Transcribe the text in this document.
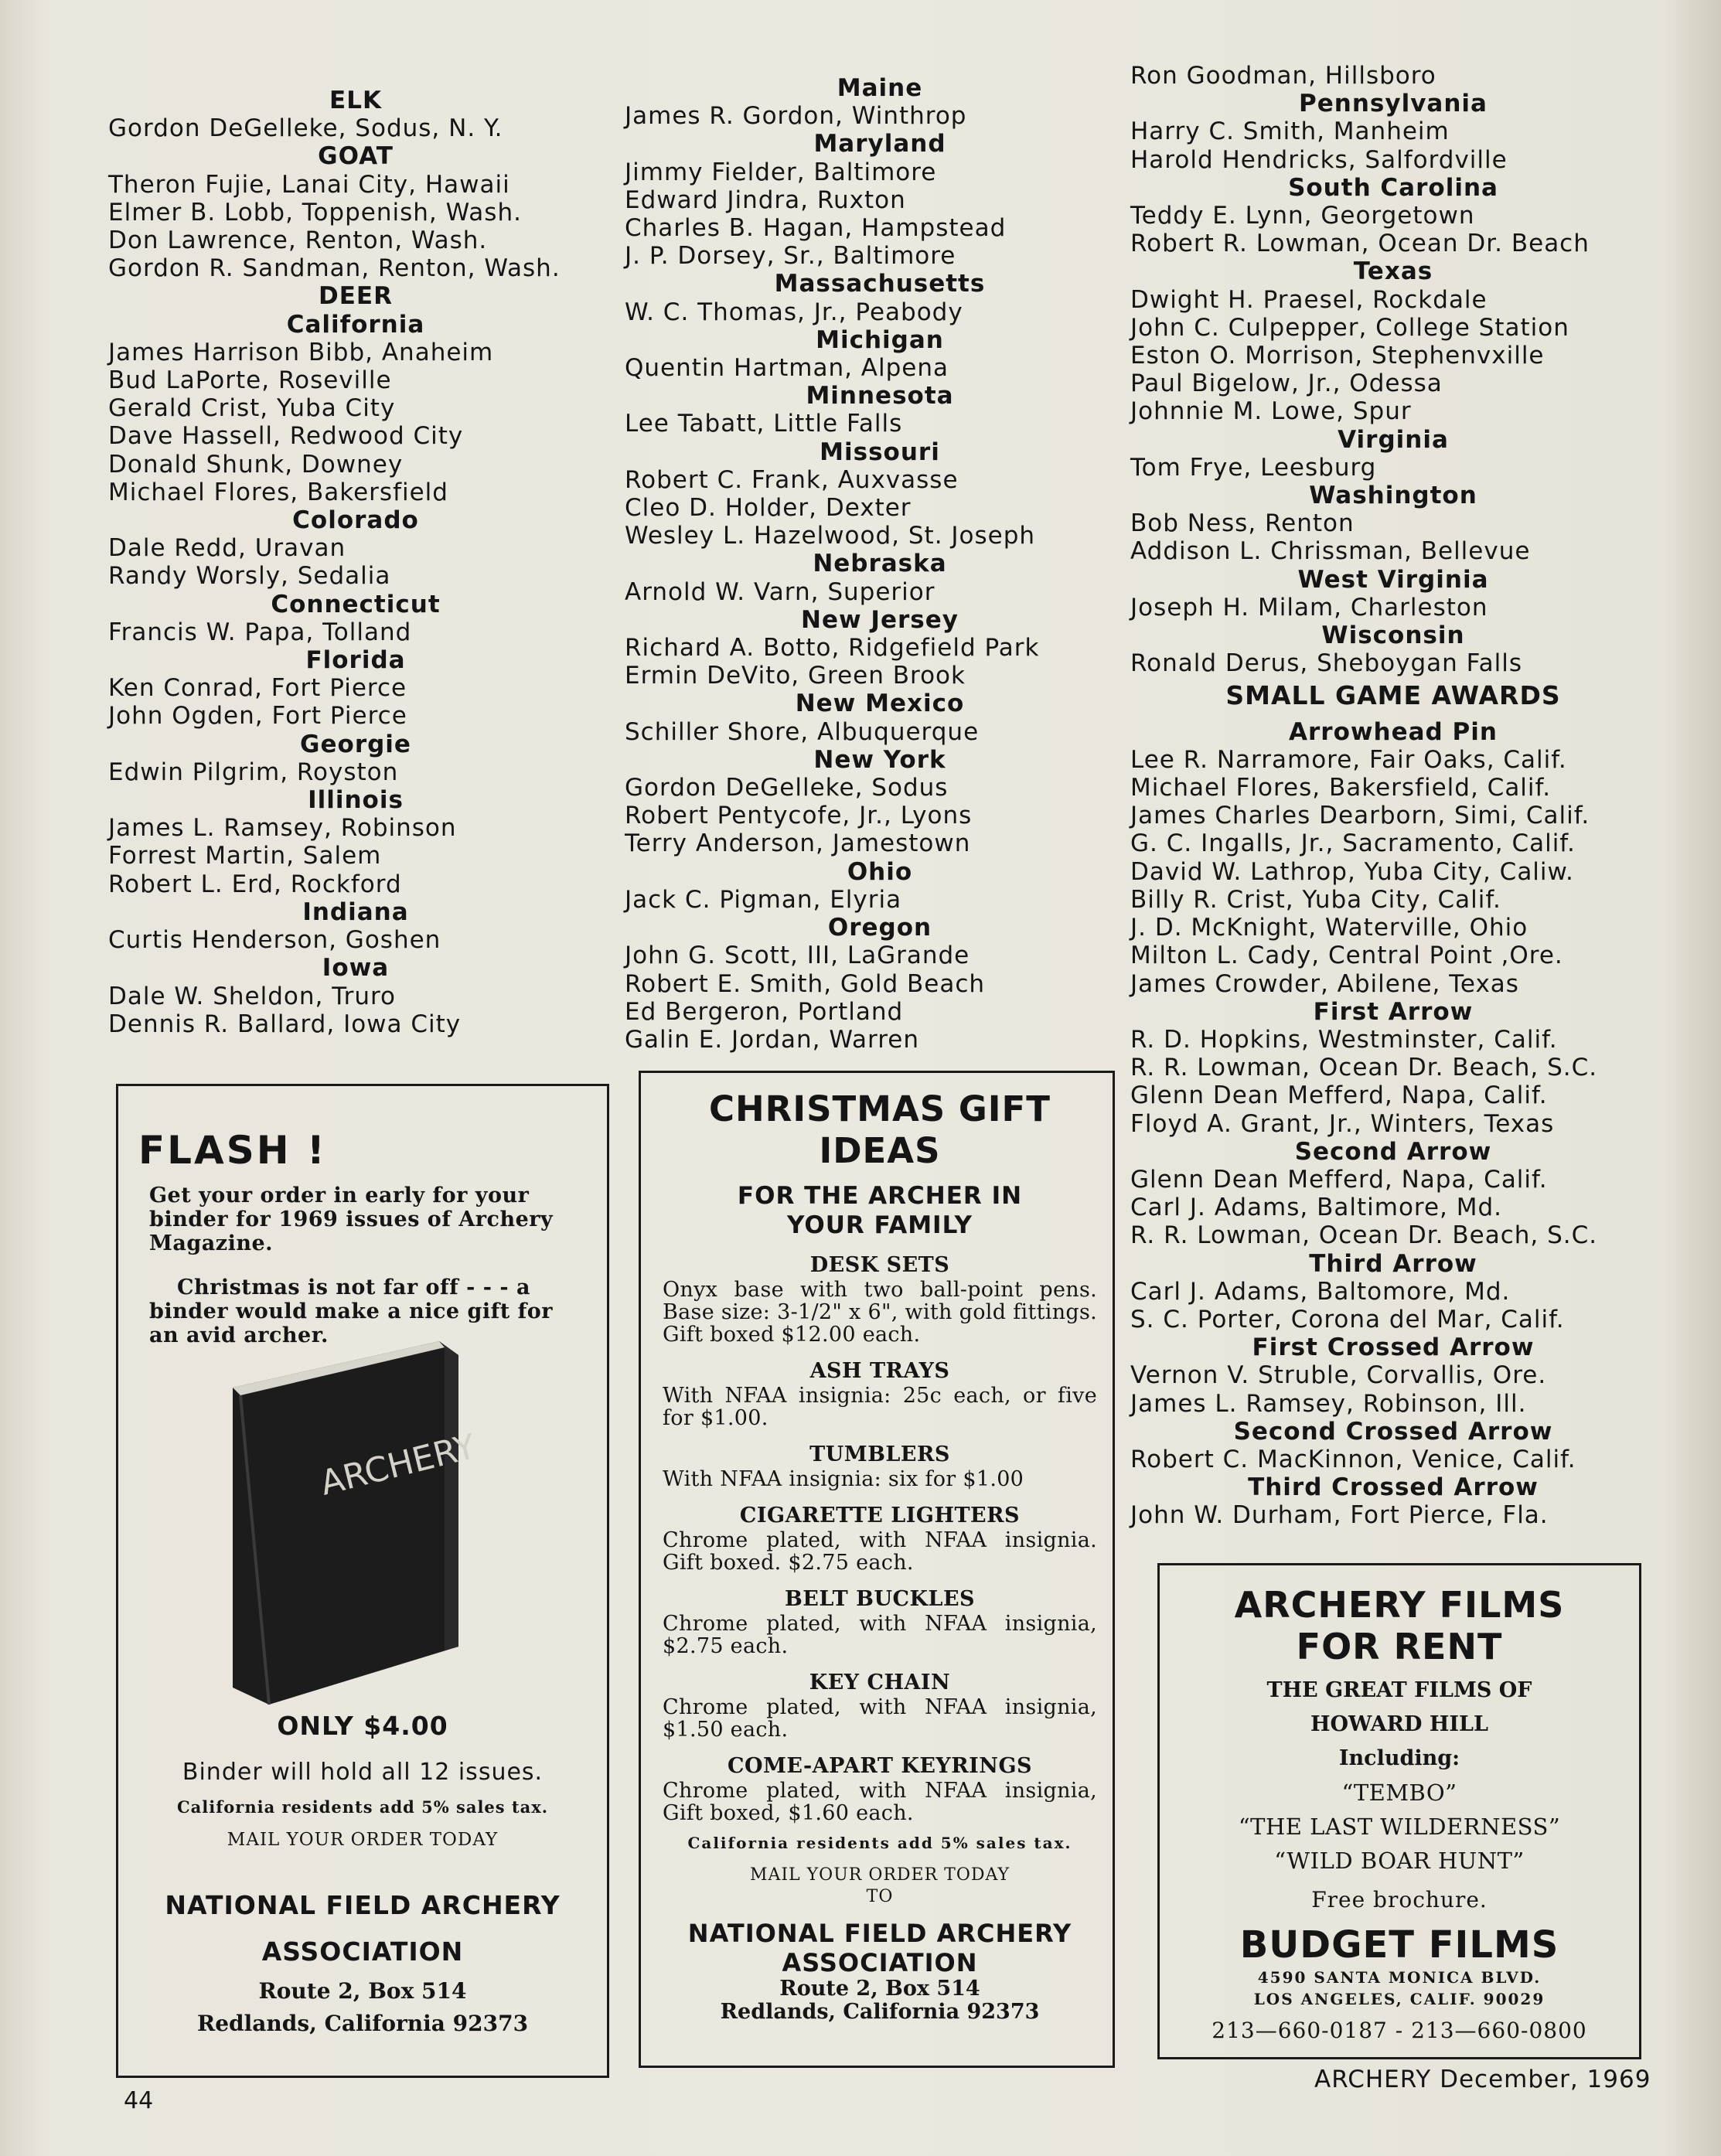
ELK
Gordon DeGelleke, Sodus, N. Y.
GOAT
Theron Fujie, Lanai City, Hawaii
Elmer B. Lobb, Toppenish, Wash.
Don Lawrence, Renton, Wash.
Gordon R. Sandman, Renton, Wash.
DEER
California
James Harrison Bibb, Anaheim
Bud LaPorte, Roseville
Gerald Crist, Yuba City
Dave Hassell, Redwood City
Donald Shunk, Downey
Michael Flores, Bakersfield
Colorado
Dale Redd, Uravan
Randy Worsly, Sedalia
Connecticut
Francis W. Papa, Tolland
Florida
Ken Conrad, Fort Pierce
John Ogden, Fort Pierce
Georgie
Edwin Pilgrim, Royston
Illinois
James L. Ramsey, Robinson
Forrest Martin, Salem
Robert L. Erd, Rockford
Indiana
Curtis Henderson, Goshen
Iowa
Dale W. Sheldon, Truro
Dennis R. Ballard, Iowa City
Maine
James R. Gordon, Winthrop
Maryland
Jimmy Fielder, Baltimore
Edward Jindra, Ruxton
Charles B. Hagan, Hampstead
J. P. Dorsey, Sr., Baltimore
Massachusetts
W. C. Thomas, Jr., Peabody
Michigan
Quentin Hartman, Alpena
Minnesota
Lee Tabatt, Little Falls
Missouri
Robert C. Frank, Auxvasse
Cleo D. Holder, Dexter
Wesley L. Hazelwood, St. Joseph
Nebraska
Arnold W. Varn, Superior
New Jersey
Richard A. Botto, Ridgefield Park
Ermin DeVito, Green Brook
New Mexico
Schiller Shore, Albuquerque
New York
Gordon DeGelleke, Sodus
Robert Pentycofe, Jr., Lyons
Terry Anderson, Jamestown
Ohio
Jack C. Pigman, Elyria
Oregon
John G. Scott, III, LaGrande
Robert E. Smith, Gold Beach
Ed Bergeron, Portland
Galin E. Jordan, Warren
Ron Goodman, Hillsboro
Pennsylvania
Harry C. Smith, Manheim
Harold Hendricks, Salfordville
South Carolina
Teddy E. Lynn, Georgetown
Robert R. Lowman, Ocean Dr. Beach
Texas
Dwight H. Praesel, Rockdale
John C. Culpepper, College Station
Eston O. Morrison, Stephenvxille
Paul Bigelow, Jr., Odessa
Johnnie M. Lowe, Spur
Virginia
Tom Frye, Leesburg
Washington
Bob Ness, Renton
Addison L. Chrissman, Bellevue
West Virginia
Joseph H. Milam, Charleston
Wisconsin
Ronald Derus, Sheboygan Falls
SMALL GAME AWARDS
Arrowhead Pin
Lee R. Narramore, Fair Oaks, Calif.
Michael Flores, Bakersfield, Calif.
James Charles Dearborn, Simi, Calif.
G. C. Ingalls, Jr., Sacramento, Calif.
David W. Lathrop, Yuba City, Caliw.
Billy R. Crist, Yuba City, Calif.
J. D. McKnight, Waterville, Ohio
Milton L. Cady, Central Point ,Ore.
James Crowder, Abilene, Texas
First Arrow
R. D. Hopkins, Westminster, Calif.
R. R. Lowman, Ocean Dr. Beach, S.C.
Glenn Dean Mefferd, Napa, Calif.
Floyd A. Grant, Jr., Winters, Texas
Second Arrow
Glenn Dean Mefferd, Napa, Calif.
Carl J. Adams, Baltimore, Md.
R. R. Lowman, Ocean Dr. Beach, S.C.
Third Arrow
Carl J. Adams, Baltomore, Md.
S. C. Porter, Corona del Mar, Calif.
First Crossed Arrow
Vernon V. Struble, Corvallis, Ore.
James L. Ramsey, Robinson, Ill.
Second Crossed Arrow
Robert C. MacKinnon, Venice, Calif.
Third Crossed Arrow
John W. Durham, Fort Pierce, Fla.
FLASH !
Get your order in early for your binder for 1969 issues of Archery Magazine.
Christmas is not far off - - - a binder would make a nice gift for an avid archer.
ARCHERY
ONLY $4.00
Binder will hold all 12 issues.
California residents add 5% sales tax.
MAIL YOUR ORDER TODAY
NATIONAL FIELD ARCHERY
ASSOCIATION
Route 2, Box 514
Redlands, California 92373
CHRISTMAS GIFT
IDEAS
FOR THE ARCHER IN
YOUR FAMILY
DESK SETS
Onyx base with two ball-point pens. Base size: 3-1/2" x 6", with gold fittings. Gift boxed $12.00 each.
ASH TRAYS
With NFAA insignia: 25c each, or five for $1.00.
TUMBLERS
With NFAA insignia: six for $1.00
CIGARETTE LIGHTERS
Chrome plated, with NFAA insignia. Gift boxed. $2.75 each.
BELT BUCKLES
Chrome plated, with NFAA insignia, $2.75 each.
KEY CHAIN
Chrome plated, with NFAA insignia, $1.50 each.
COME-APART KEYRINGS
Chrome plated, with NFAA insignia, Gift boxed, $1.60 each.
California residents add 5% sales tax.
MAIL YOUR ORDER TODAY
TO
NATIONAL FIELD ARCHERY
ASSOCIATION
Route 2, Box 514
Redlands, California 92373
ARCHERY FILMS
FOR RENT
THE GREAT FILMS OF
HOWARD HILL
Including:
“TEMBO”
“THE LAST WILDERNESS”
“WILD BOAR HUNT”
Free brochure.
BUDGET FILMS
4590 SANTA MONICA BLVD.
LOS ANGELES, CALIF. 90029
213—660-0187 - 213—660-0800
44
ARCHERY December, 1969
